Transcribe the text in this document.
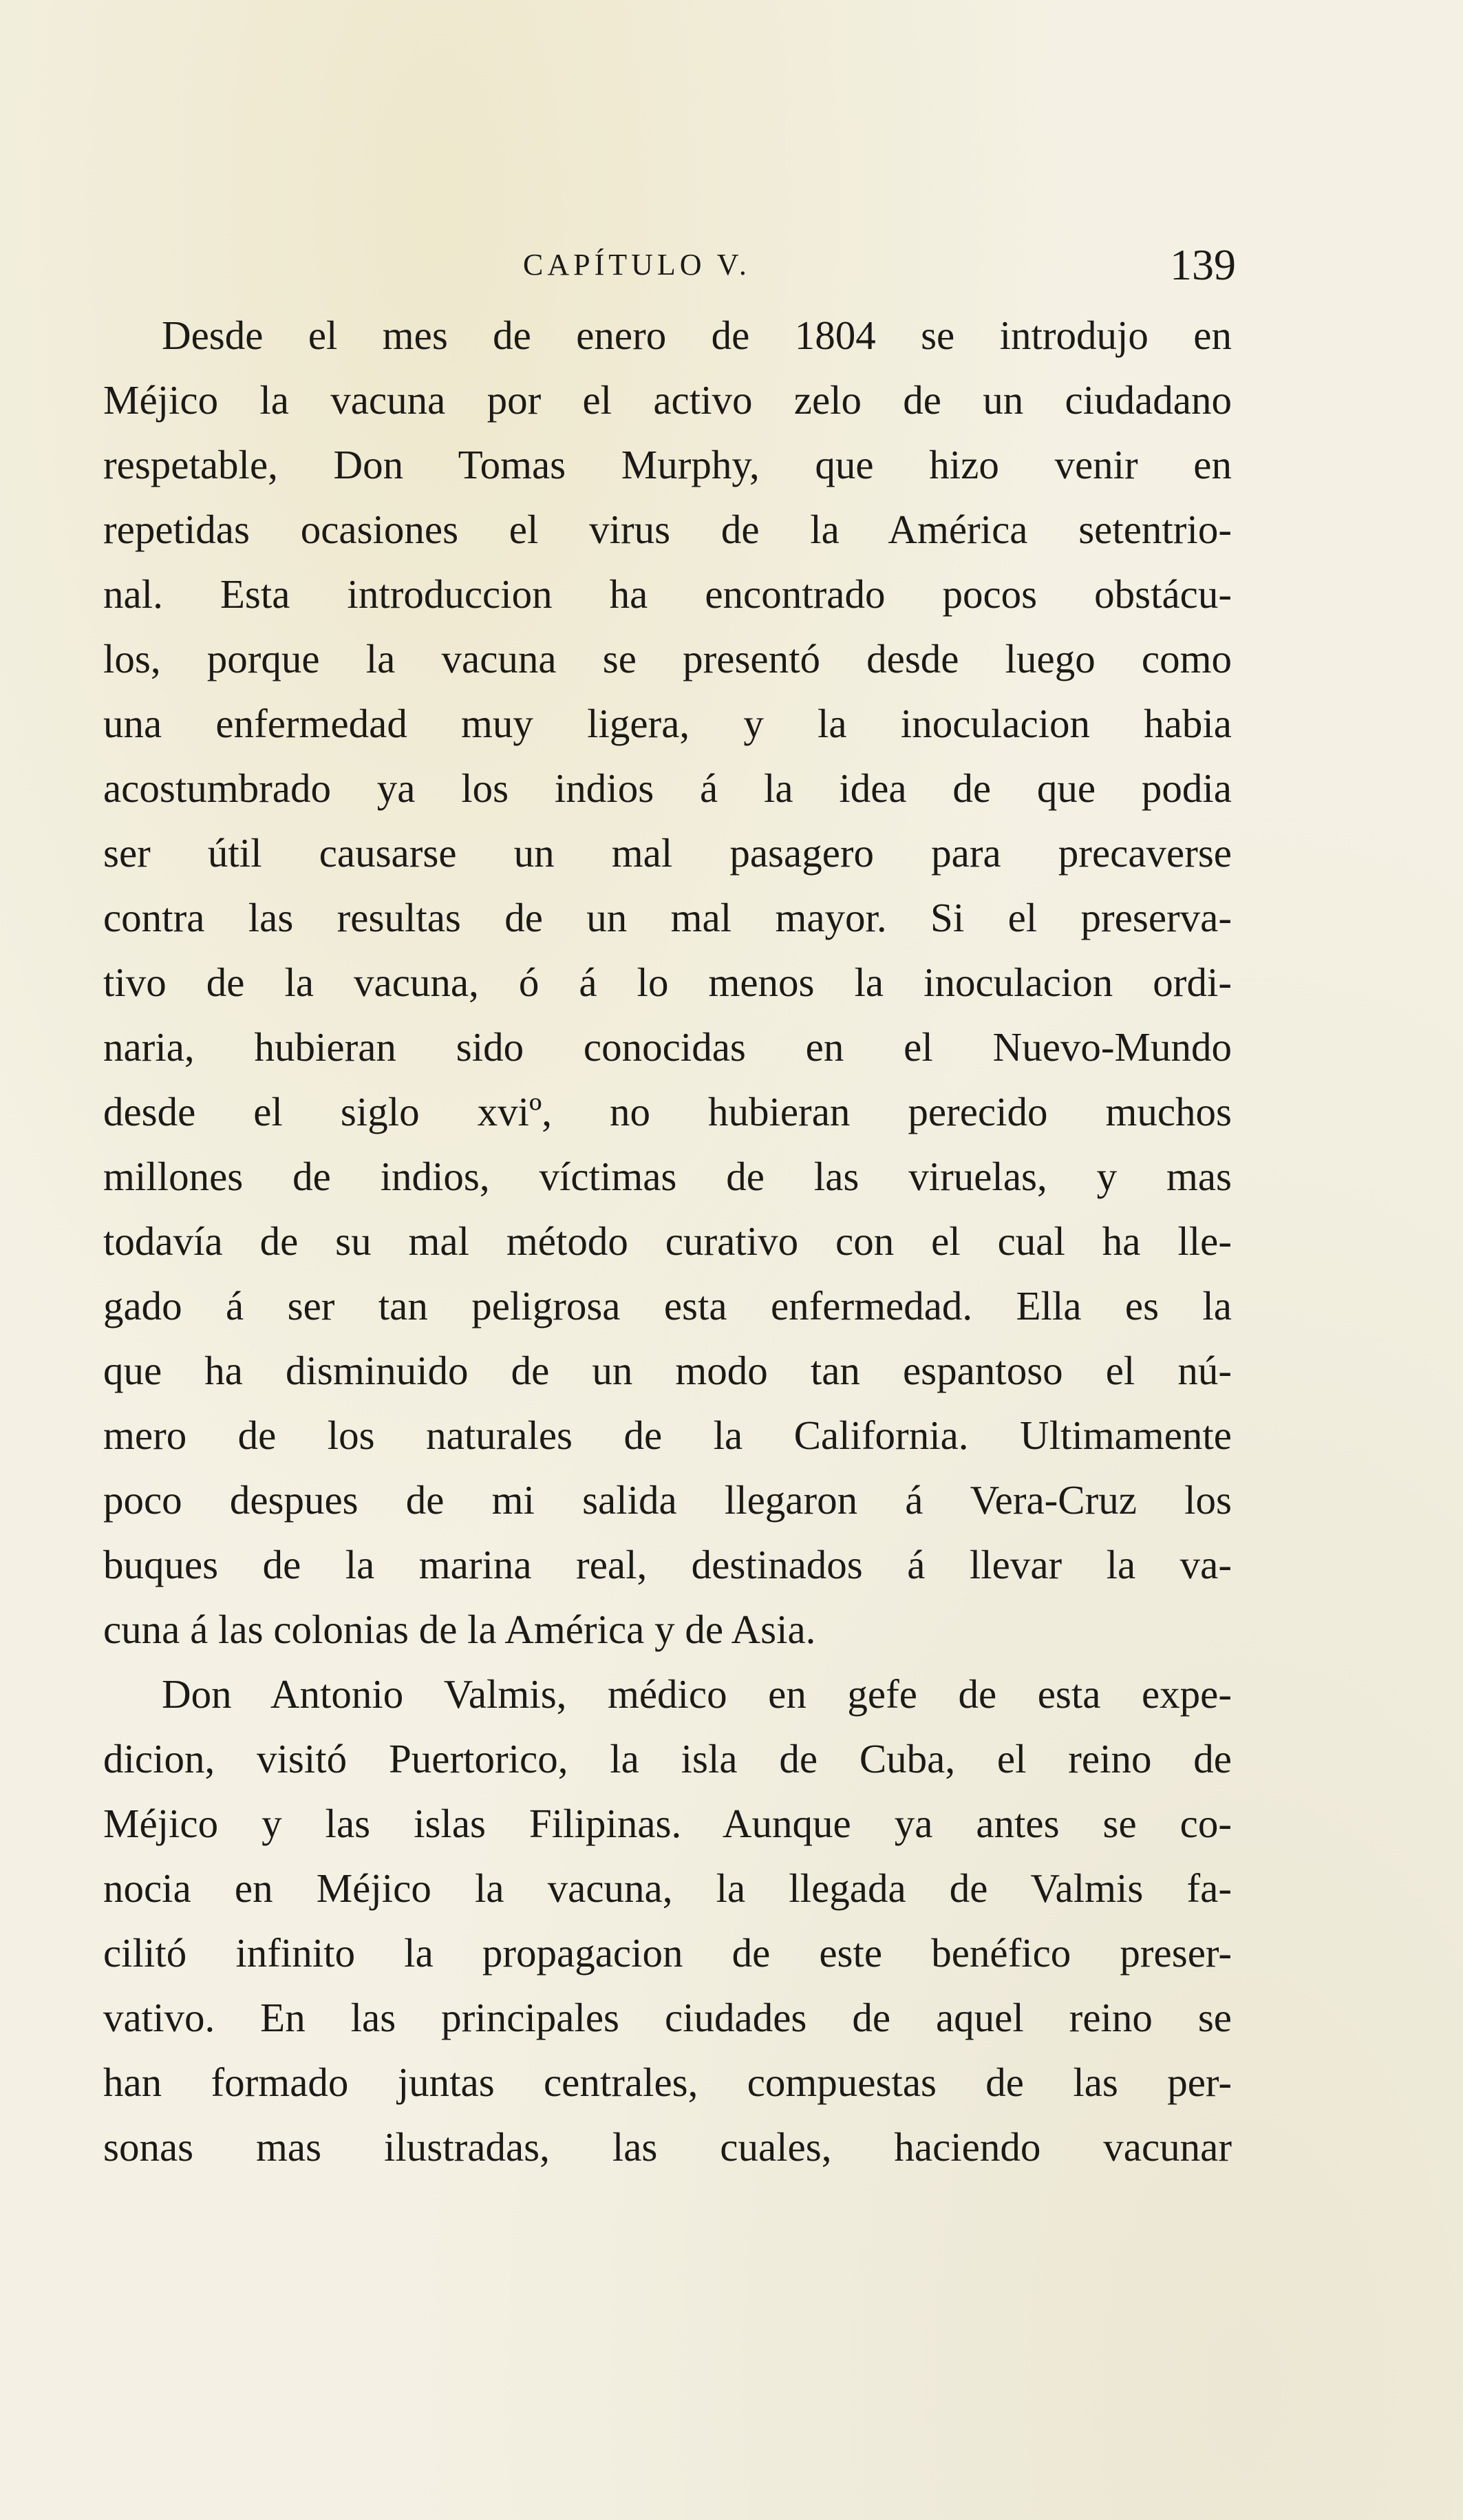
CAPÍTULO V.	139
Desde el mes de enero de 1804 se introdujo en
Méjico la vacuna por el activo zelo de un ciudadano
respetable, Don Tomas Murphy, que hizo venir en
repetidas ocasiones el virus de la América setentrio-
nal. Esta introduccion ha encontrado pocos obstácu-
los, porque la vacuna se presentó desde luego como
una enfermedad muy ligera, y la inoculacion habia
acostumbrado ya los indios á la idea de que podia
ser útil causarse un mal pasagero para precaverse
contra las resultas de un mal mayor. Si el preserva-
tivo de la vacuna, ó á lo menos la inoculacion ordi-
naria, hubieran sido conocidas en el Nuevo-Mundo
desde el siglo xviº, no hubieran perecido muchos
millones de indios, víctimas de las viruelas, y mas
todavía de su mal método curativo con el cual ha lle-
gado á ser tan peligrosa esta enfermedad. Ella es la
que ha disminuido de un modo tan espantoso el nú-
mero de los naturales de la California. Ultimamente
poco despues de mi salida llegaron á Vera-Cruz los
buques de la marina real, destinados á llevar la va-
cuna á las colonias de la América y de Asia.
Don Antonio Valmis, médico en gefe de esta expe-
dicion, visitó Puertorico, la isla de Cuba, el reino de
Méjico y las islas Filipinas. Aunque ya antes se co-
nocia en Méjico la vacuna, la llegada de Valmis fa-
cilitó infinito la propagacion de este benéfico preser-
vativo. En las principales ciudades de aquel reino se
han formado juntas centrales, compuestas de las per-
sonas mas ilustradas, las cuales, haciendo vacunar
